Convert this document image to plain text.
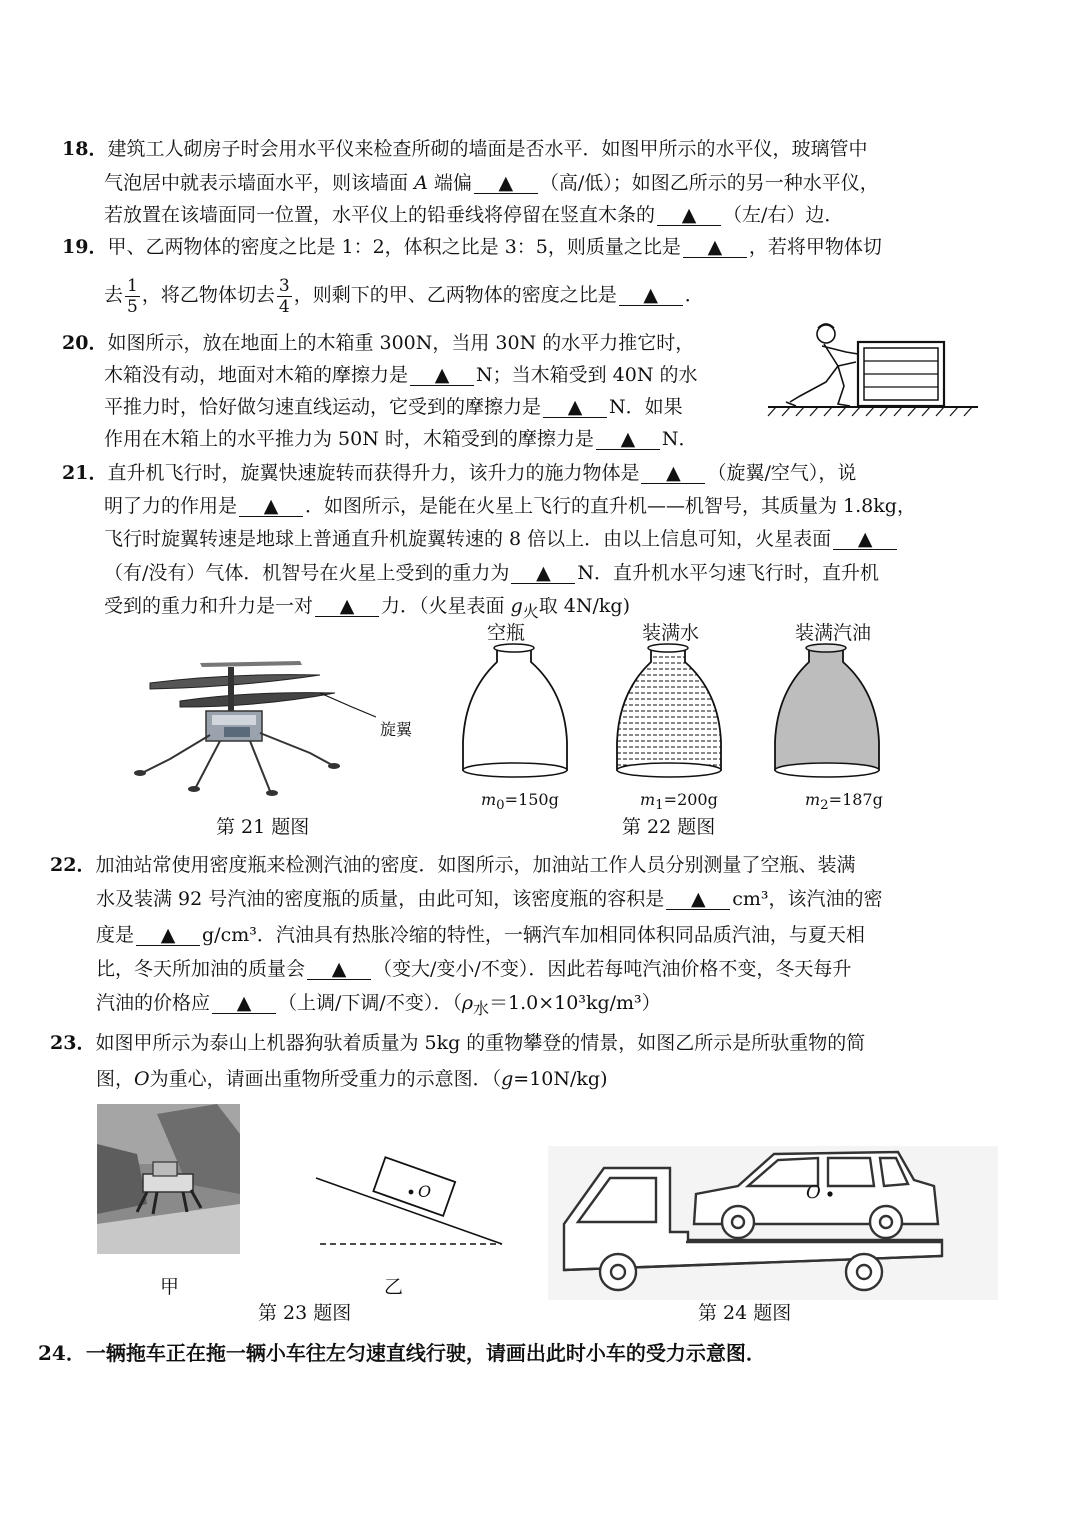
18．建筑工人砌房子时会用水平仪来检查所砌的墙面是否水平．如图甲所示的水平仪，玻璃管中
气泡居中就表示墙面水平，则该墙面 A 端偏 ▲ （高/低）；如图乙所示的另一种水平仪，
若放置在该墙面同一位置，水平仪上的铅垂线将停留在竖直木条的 ▲ （左/右）边．
19．甲、乙两物体的密度之比是 1：2，体积之比是 3：5，则质量之比是 ▲ ，若将甲物体切
去 $\frac{1}{5}$ ，将乙物体切去 $\frac{3}{4}$ ，则剩下的甲、乙两物体的密度之比是 ▲ ．
20．如图所示，放在地面上的木箱重 300N，当用 30N 的水平力推它时，
木箱没有动，地面对木箱的摩擦力是 ▲ N；当木箱受到 40N 的水
平推力时，恰好做匀速直线运动，它受到的摩擦力是 ▲ N．如果
作用在木箱上的水平推力为 50N 时，木箱受到的摩擦力是 ▲ N．
21．直升机飞行时，旋翼快速旋转而获得升力，该升力的施力物体是 ▲ （旋翼/空气），说
明了力的作用是 ▲ ．如图所示，是能在火星上飞行的直升机——机智号，其质量为 1.8kg，
飞行时旋翼转速是地球上普通直升机旋翼转速的 8 倍以上．由以上信息可知，火星表面 ▲
（有/没有）气体．机智号在火星上受到的重力为 ▲ N．直升机水平匀速飞行时，直升机
受到的重力和升力是一对 ▲ 力．（火星表面 $g_火$取 4N/kg)
旋翼
第 21 题图
空瓶	装满水	装满汽油
$m_0=150g$	$m_1=200g$	$m_2=187g$
第 22 题图
22．加油站常使用密度瓶来检测汽油的密度．如图所示，加油站工作人员分别测量了空瓶、装满
水及装满 92 号汽油的密度瓶的质量，由此可知，该密度瓶的容积是 ▲ cm³，该汽油的密
度是 ▲ g/cm³．汽油具有热胀冷缩的特性，一辆汽车加相同体积同品质汽油，与夏天相
比，冬天所加油的质量会 ▲ （变大/变小/不变）．因此若每吨汽油价格不变，冬天每升
汽油的价格应 ▲ （上调/下调/不变）．$(\rho_水=1.0\times 10^3kg/m^3)$
23．如图甲所示为泰山上机器狗驮着质量为 5kg 的重物攀登的情景，如图乙所示是所驮重物的简
图，O为重心，请画出重物所受重力的示意图．（g=10N/kg)
甲
O
乙
第 23 题图
O
第 24 题图
24．一辆拖车正在拖一辆小车往左匀速直线行驶，请画出此时小车的受力示意图．
